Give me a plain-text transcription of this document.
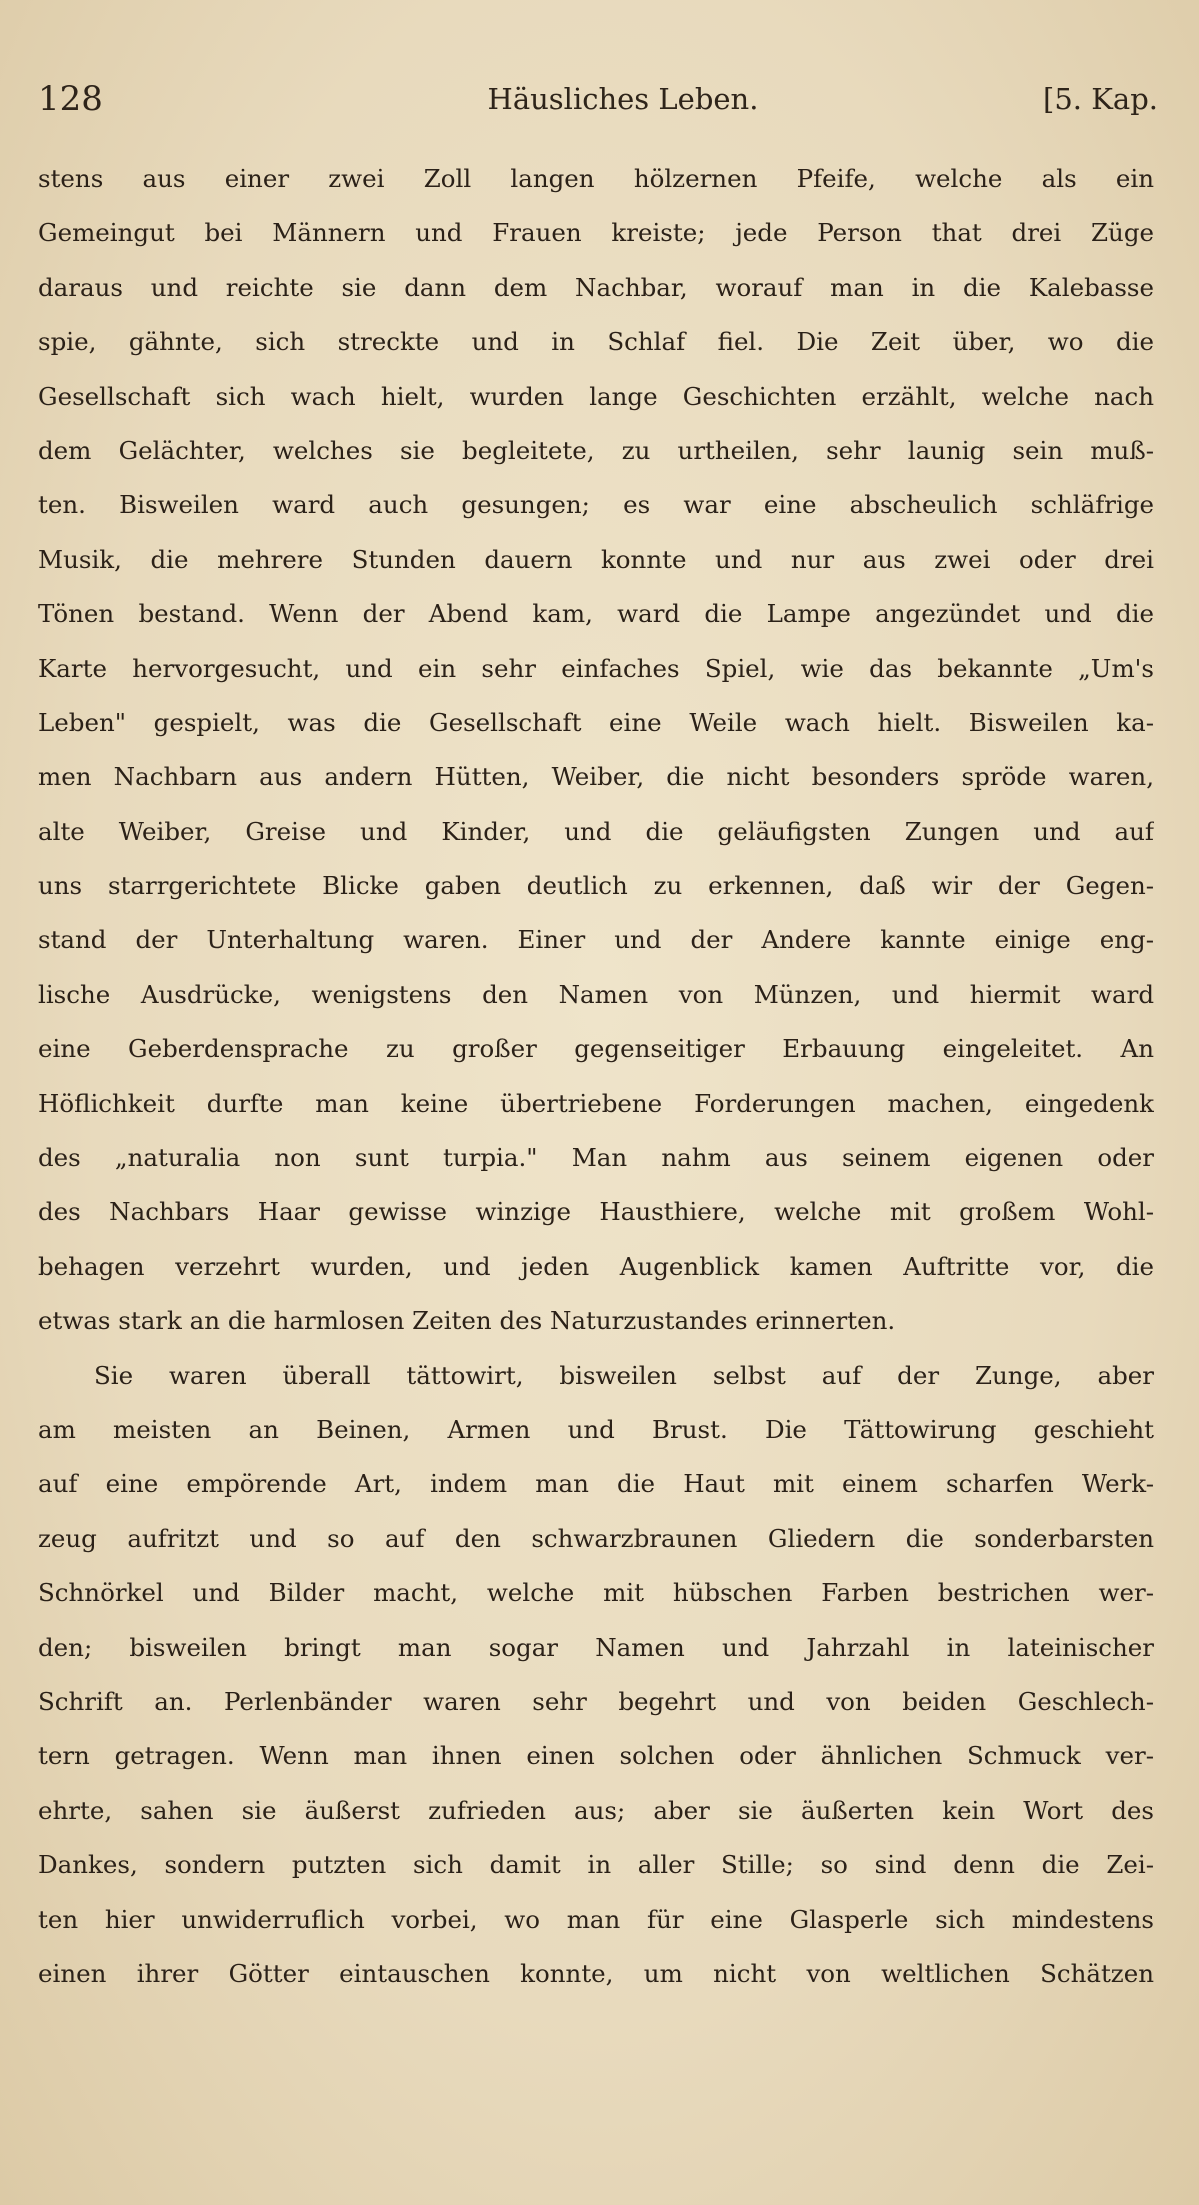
128	Häusliches Leben.	[5. Kap.
stens aus einer zwei Zoll langen hölzernen Pfeife, welche als ein
Gemeingut bei Männern und Frauen kreiste; jede Person that drei Züge
daraus und reichte sie dann dem Nachbar, worauf man in die Kalebasse
spie, gähnte, sich streckte und in Schlaf fiel. Die Zeit über, wo die
Gesellschaft sich wach hielt, wurden lange Geschichten erzählt, welche nach
dem Gelächter, welches sie begleitete, zu urtheilen, sehr launig sein muß-
ten. Bisweilen ward auch gesungen; es war eine abscheulich schläfrige
Musik, die mehrere Stunden dauern konnte und nur aus zwei oder drei
Tönen bestand. Wenn der Abend kam, ward die Lampe angezündet und die
Karte hervorgesucht, und ein sehr einfaches Spiel, wie das bekannte „Um's
Leben" gespielt, was die Gesellschaft eine Weile wach hielt. Bisweilen ka-
men Nachbarn aus andern Hütten, Weiber, die nicht besonders spröde waren,
alte Weiber, Greise und Kinder, und die geläufigsten Zungen und auf
uns starrgerichtete Blicke gaben deutlich zu erkennen, daß wir der Gegen-
stand der Unterhaltung waren. Einer und der Andere kannte einige eng-
lische Ausdrücke, wenigstens den Namen von Münzen, und hiermit ward
eine Geberdensprache zu großer gegenseitiger Erbauung eingeleitet. An
Höflichkeit durfte man keine übertriebene Forderungen machen, eingedenk
des „naturalia non sunt turpia." Man nahm aus seinem eigenen oder
des Nachbars Haar gewisse winzige Hausthiere, welche mit großem Wohl-
behagen verzehrt wurden, und jeden Augenblick kamen Auftritte vor, die
etwas stark an die harmlosen Zeiten des Naturzustandes erinnerten.
Sie waren überall tättowirt, bisweilen selbst auf der Zunge, aber
am meisten an Beinen, Armen und Brust. Die Tättowirung geschieht
auf eine empörende Art, indem man die Haut mit einem scharfen Werk-
zeug aufritzt und so auf den schwarzbraunen Gliedern die sonderbarsten
Schnörkel und Bilder macht, welche mit hübschen Farben bestrichen wer-
den; bisweilen bringt man sogar Namen und Jahrzahl in lateinischer
Schrift an. Perlenbänder waren sehr begehrt und von beiden Geschlech-
tern getragen. Wenn man ihnen einen solchen oder ähnlichen Schmuck ver-
ehrte, sahen sie äußerst zufrieden aus; aber sie äußerten kein Wort des
Dankes, sondern putzten sich damit in aller Stille; so sind denn die Zei-
ten hier unwiderruflich vorbei, wo man für eine Glasperle sich mindestens
einen ihrer Götter eintauschen konnte, um nicht von weltlichen Schätzen
